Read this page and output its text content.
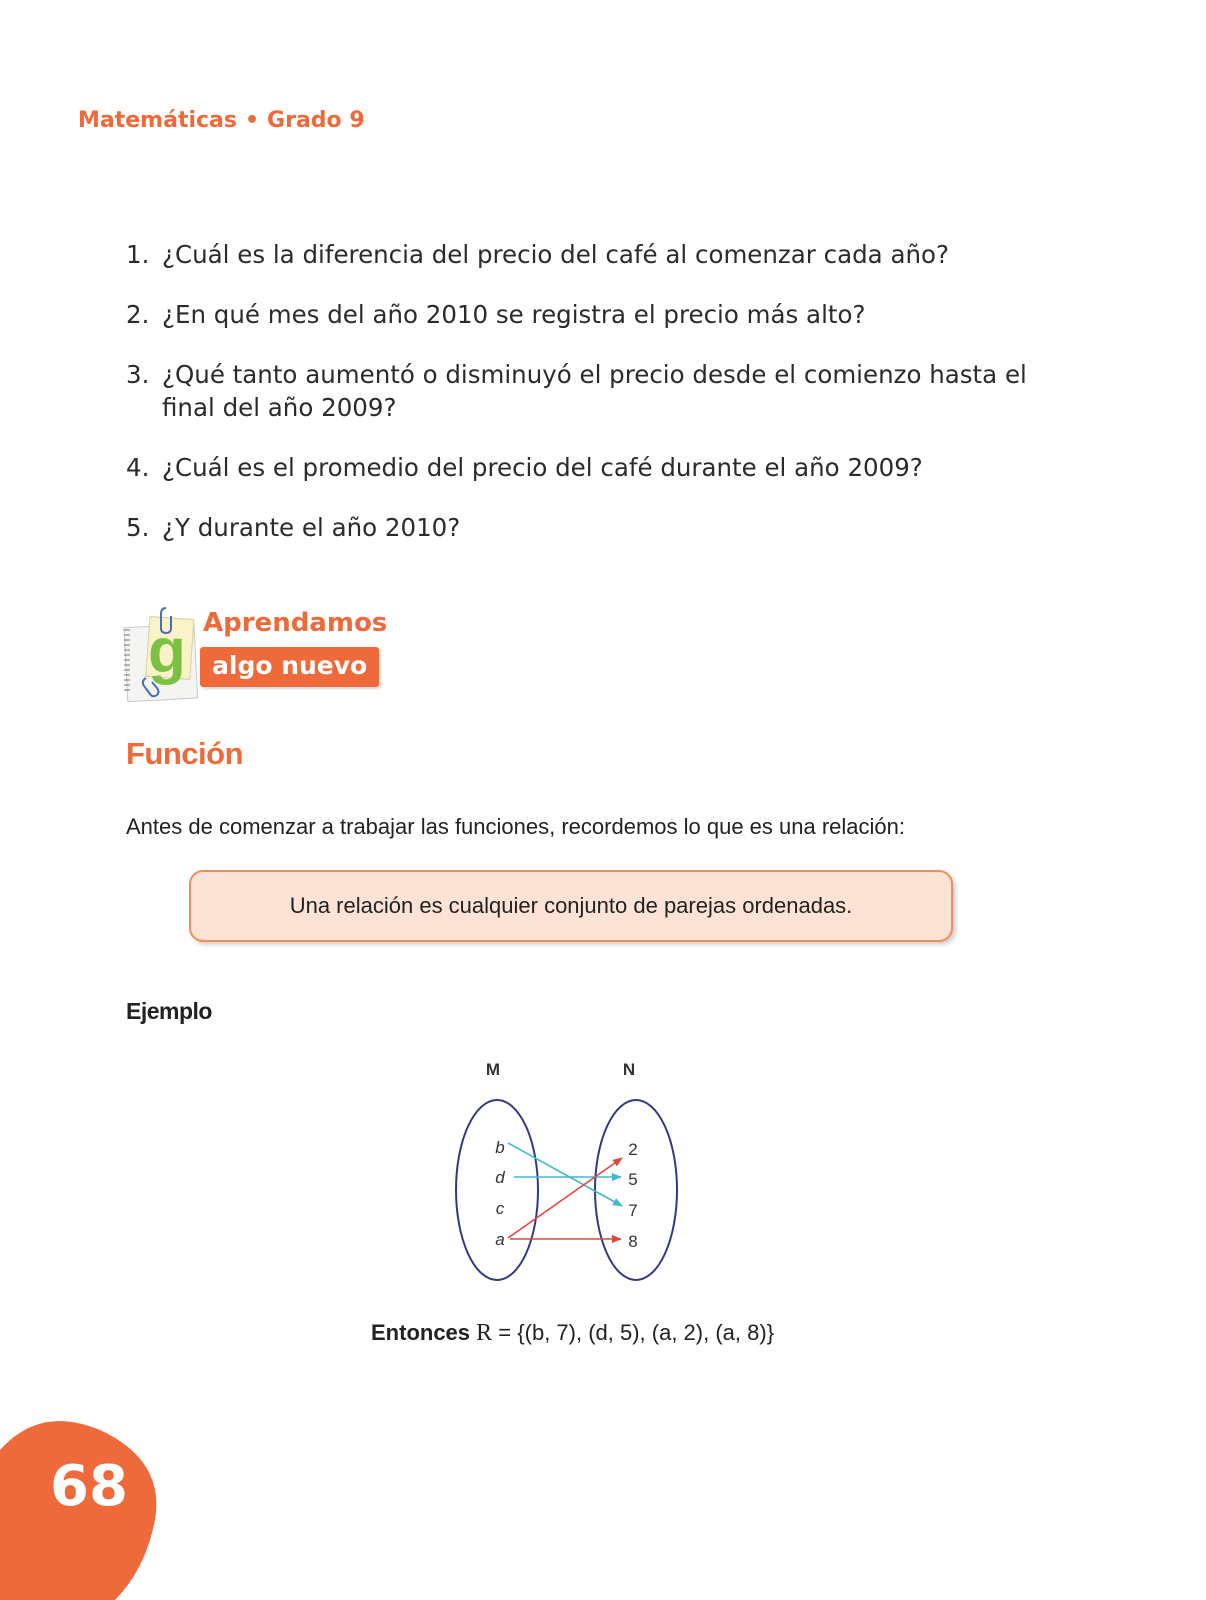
Matemáticas • Grado 9
1. ¿Cuál es la diferencia del precio del café al comenzar cada año?
2. ¿En qué mes del año 2010 se registra el precio más alto?
3. ¿Qué tanto aumentó o disminuyó el precio desde el comienzo hasta el final del año 2009?
4. ¿Cuál es el promedio del precio del café durante el año 2009?
5. ¿Y durante el año 2010?
g Aprendamos
algo nuevo
Función
Antes de comenzar a trabajar las funciones, recordemos lo que es una relación:
Una relación es cualquier conjunto de parejas ordenadas.
Ejemplo
M	N
b
d
c
a
2
5
7
8
Entonces R = {(b, 7), (d, 5), (a, 2), (a, 8)}
68
